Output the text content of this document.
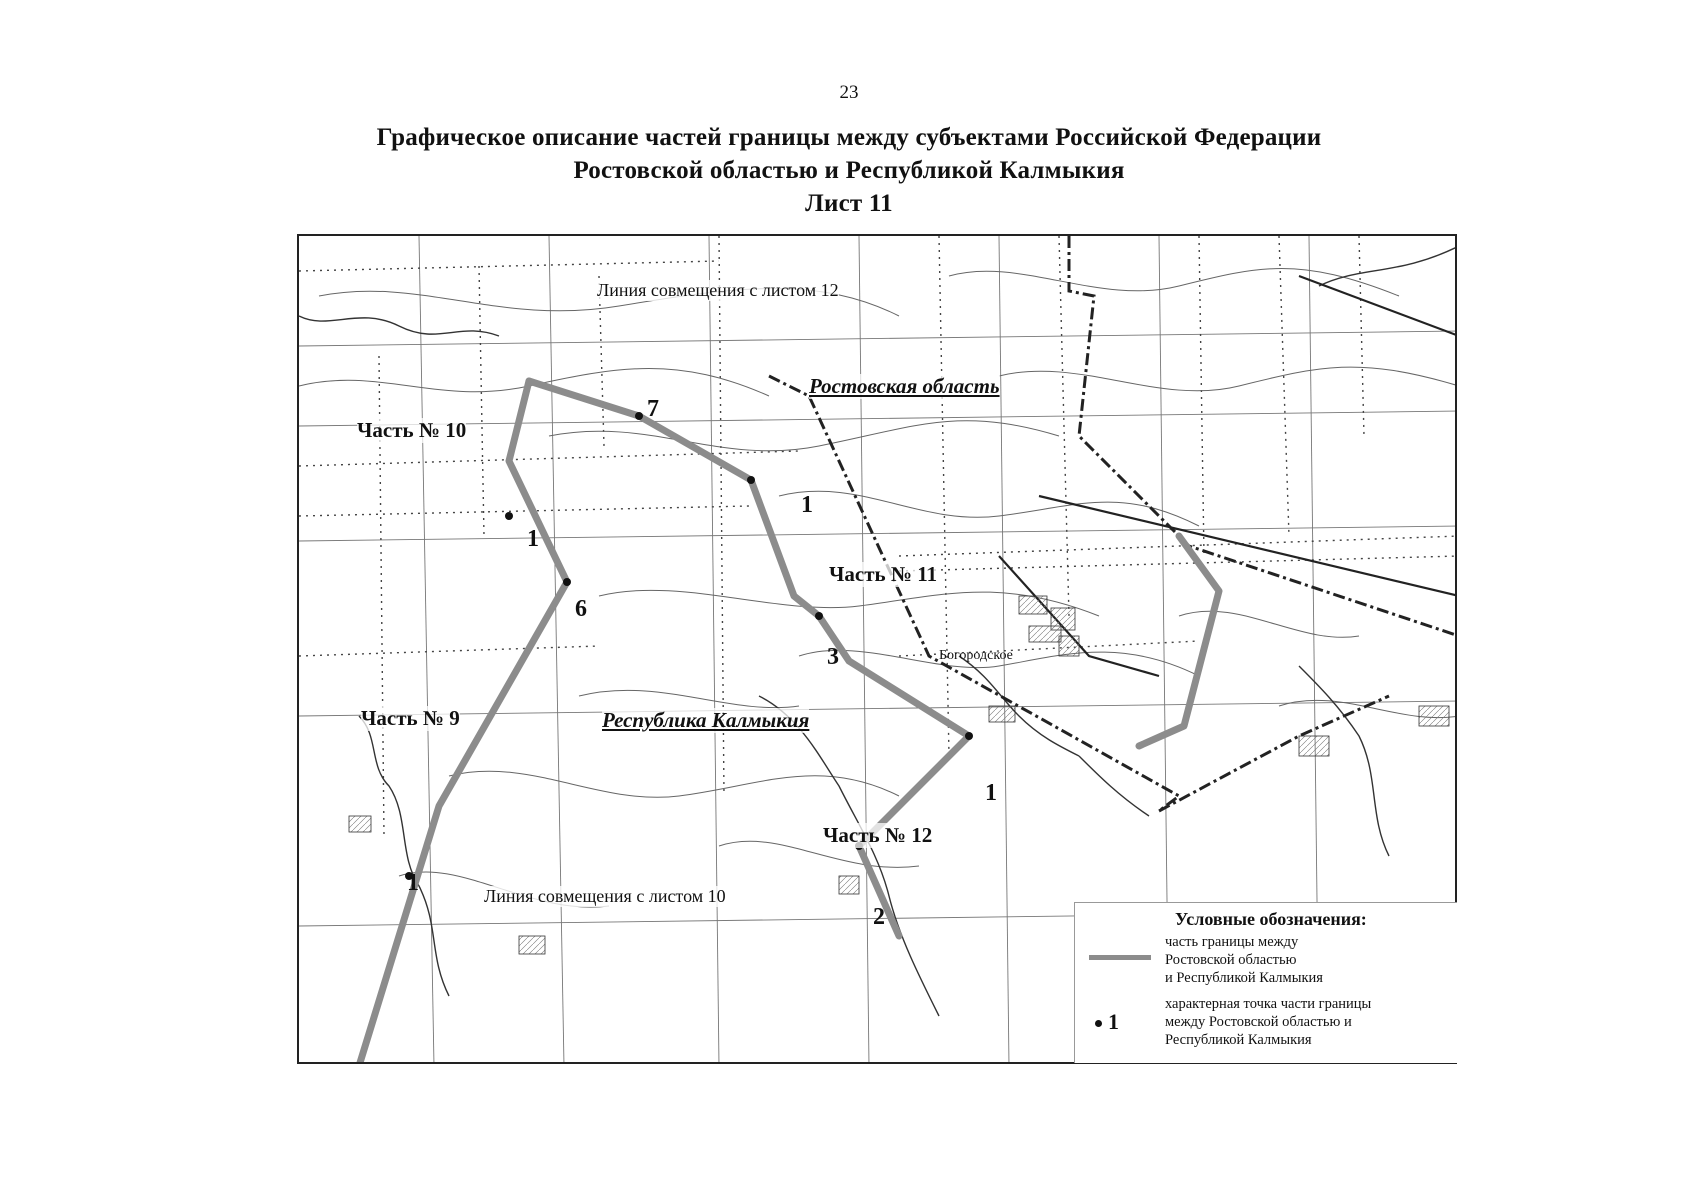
23
Графическое описание частей границы между субъектами Российской Федерации
Ростовской областью и Республикой Калмыкия
Лист 11
Линия совмещения с листом 12
Линия совмещения с листом 10
Ростовская область
Республика Калмыкия
Часть № 10
Часть № 11
Часть № 9
Часть № 12
Богородское
7
1
1
6
3
1
1
2	Условные обозначения:
часть границы между
Ростовской областью
и Республикой Калмыкия
1
характерная точка части границы
между Ростовской областью и
Республикой Калмыкия
